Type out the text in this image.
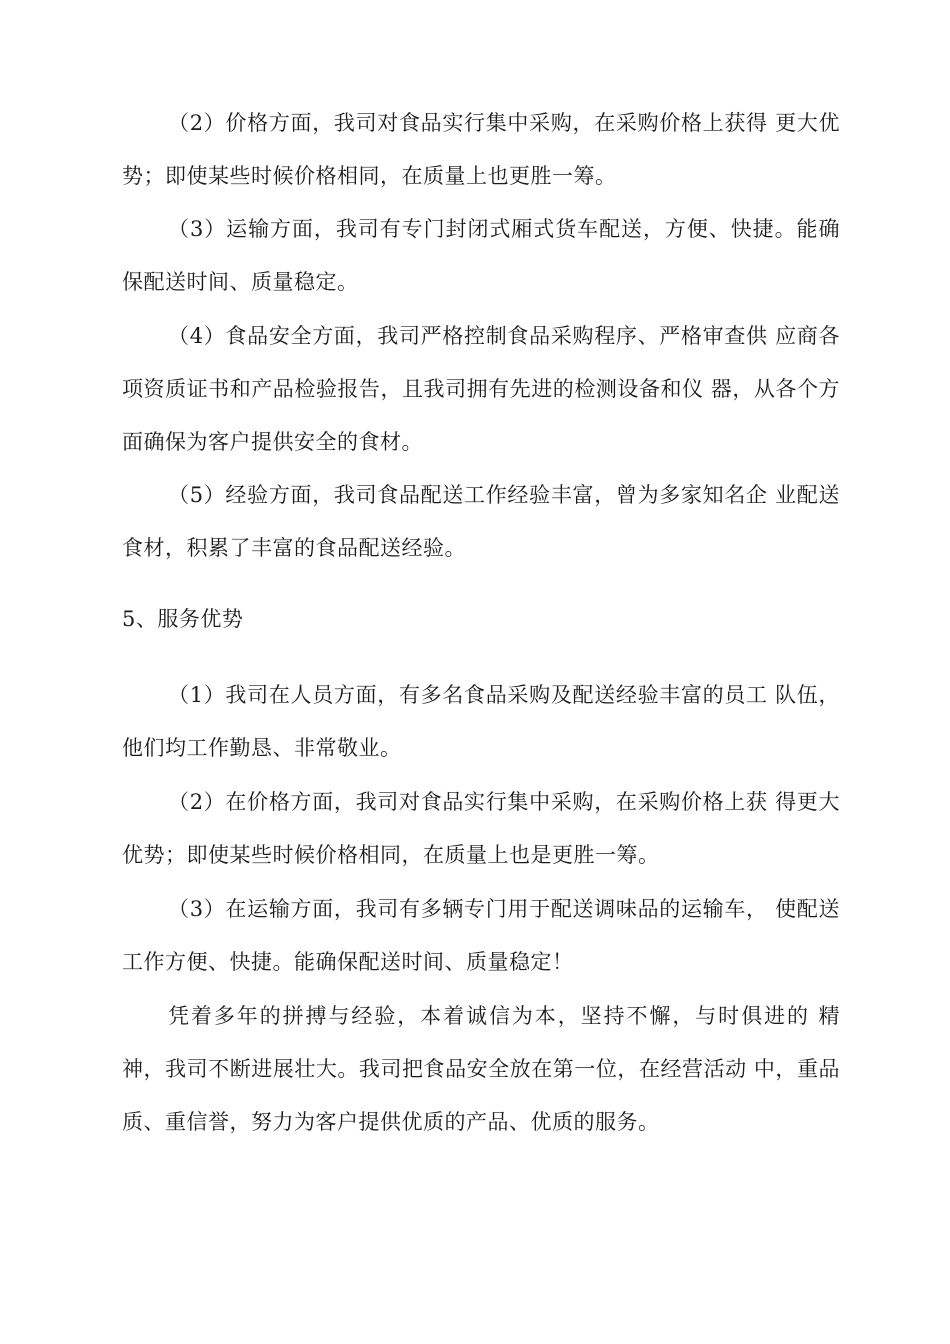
（2）价格方面，我司对食品实行集中采购，在采购价格上获得 更大优势；即使某些时候价格相同，在质量上也更胜一筹。

（3）运输方面，我司有专门封闭式厢式货车配送，方便、快捷。能确保配送时间、质量稳定。

（4）食品安全方面，我司严格控制食品采购程序、严格审查供 应商各项资质证书和产品检验报告，且我司拥有先进的检测设备和仪 器，从各个方面确保为客户提供安全的食材。

（5）经验方面，我司食品配送工作经验丰富，曾为多家知名企 业配送食材，积累了丰富的食品配送经验。

5、服务优势

（1）我司在人员方面，有多名食品采购及配送经验丰富的员工 队伍，他们均工作勤恳、非常敬业。

（2）在价格方面，我司对食品实行集中采购，在采购价格上获 得更大优势；即使某些时候价格相同，在质量上也是更胜一筹。

（3）在运输方面，我司有多辆专门用于配送调味品的运输车， 使配送工作方便、快捷。能确保配送时间、质量稳定！

凭着多年的拼搏与经验，本着诚信为本，坚持不懈，与时俱进的 精神，我司不断进展壮大。我司把食品安全放在第一位，在经营活动 中，重品质、重信誉，努力为客户提供优质的产品、优质的服务。
